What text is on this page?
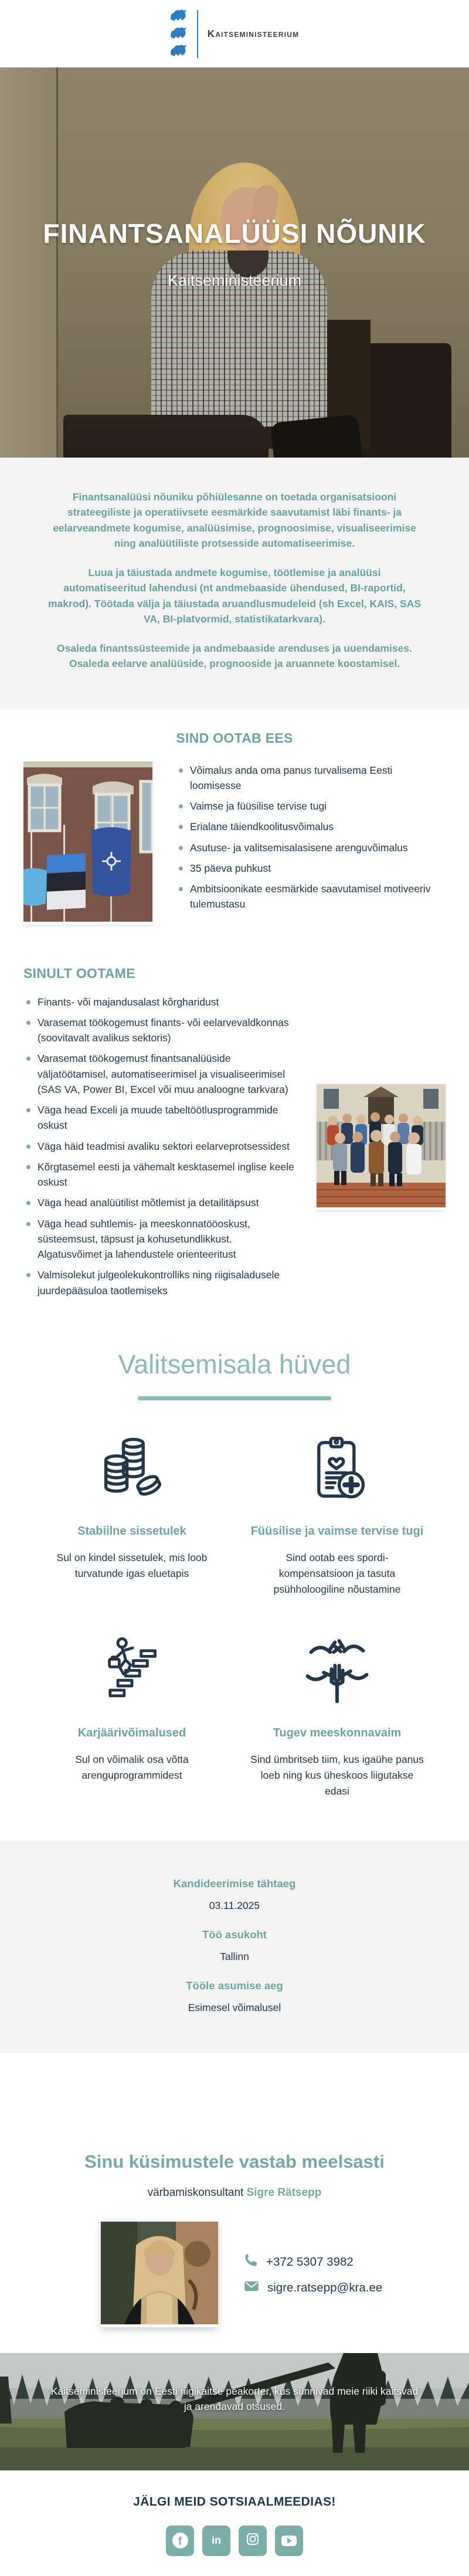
Kaitseministeerium
FINANTSANALÜÜSI NÕUNIK
Kaitseministeerium

Finantsanalüüsi nõuniku põhiülesanne on toetada organisatsiooni strateegiliste ja operatiivsete eesmärkide saavutamist läbi finants- ja eelarveandmete kogumise, analüüsimise, prognoosimise, visualiseerimise ning analüütiliste protsesside automatiseerimise.

Luua ja täiustada andmete kogumise, töötlemise ja analüüsi automatiseeritud lahendusi (nt andmebaaside ühendused, BI-raportid, makrod). Töötada välja ja täiustada aruandlusmudeleid (sh Excel, KAIS, SAS VA, BI-platvormid, statistikatarkvara).

Osaleda finantssüsteemide ja andmebaaside arenduses ja uuendamises. Osaleda eelarve analüüside, prognooside ja aruannete koostamisel.

SIND OOTAB EES
Võimalus anda oma panus turvalisema Eesti loomisesse
Vaimse ja füüsilise tervise tugi
Erialane täiendkoolitusvõimalus
Asutuse- ja valitsemisalasisene arenguvõimalus
35 päeva puhkust
Ambitsioonikate eesmärkide saavutamisel motiveeriv tulemustasu
SINULT OOTAME
Finants- või majandusalast kõrgharidust
Varasemat töökogemust finants- või eelarvevaldkonnas (soovitavalt avalikus sektoris)
Varasemat töökogemust finantsanalüüside väljatöötamisel, automatiseerimisel ja visualiseerimisel (SAS VA, Power BI, Excel või muu analoogne tarkvara)
Väga head Exceli ja muude tabeltöötlusprogrammide oskust
Väga häid teadmisi avaliku sektori eelarveprotsessidest
Kõrgtasemel eesti ja vähemalt kesktasemel inglise keele oskust
Väga head analüütilist mõtlemist ja detailitäpsust
Väga head suhtlemis- ja meeskonnatööoskust, süsteemsust, täpsust ja kohusetundlikkust. Algatusvõimet ja lahendustele orienteeritust
Valmisolekut julgeolekukontrolliks ning riigisaladusele juurdepääsuloa taotlemiseks
Valitsemisala hüved
Stabiilne sissetulek

Sul on kindel sissetulek, mis loob turvatunde igas eluetapis

Füüsilise ja vaimse tervise tugi

Sind ootab ees spordi-kompensatsioon ja tasuta psühholoogiline nõustamine

Karjäärivõimalused

Sul on võimalik osa võtta arenguprogrammidest

Tugev meeskonnavaim

Sind ümbritseb tiim, kus igaühe panus loeb ning kus üheskoos liigutakse edasi

Kandideerimise tähtaeg
03.11.2025
Töö asukoht
Tallinn
Tööle asumise aeg
Esimesel võimalusel
Sinu küsimustele vastab meelsasti
värbamiskonsultant Sigre Rätsepp
+372 5307 3982
sigre.ratsepp@kra.ee

Kaitseministeerium on Eesti riigikaitse peakorter, kus sünnivad meie riiki kaitsvad ja arendavad otsused.

JÄLGI MEID SOTSIAALMEEDIAS!
f	in
